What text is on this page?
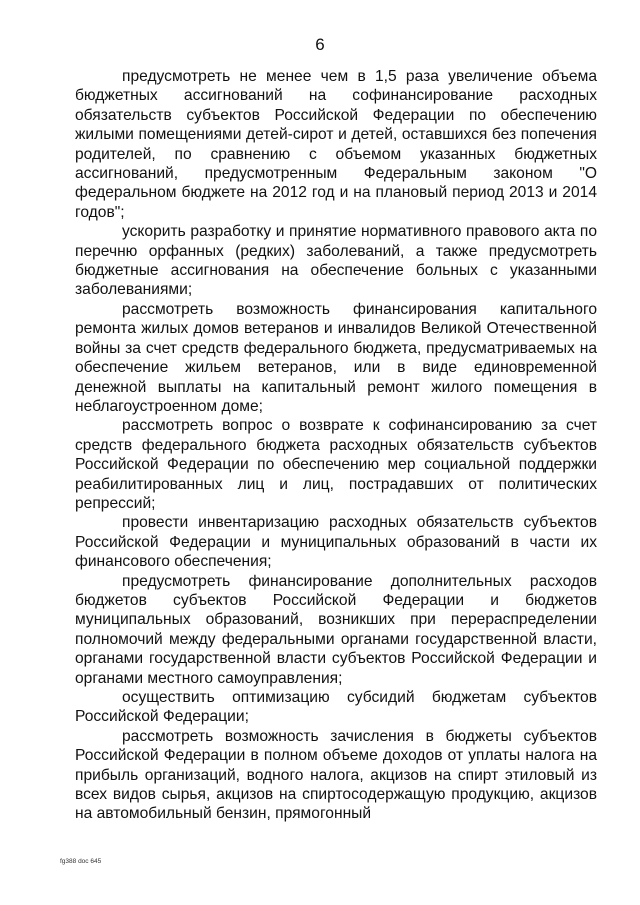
6

предусмотреть не менее чем в 1,5 раза увеличение объема бюджетных ассигнований на софинансирование расходных обязательств субъектов Российской Федерации по обеспечению жилыми помещениями детей-сирот и детей, оставшихся без попечения родителей, по сравнению с объемом указанных бюджетных ассигнований, предусмотренным Федеральным законом "О федеральном бюджете на 2012 год и на плановый период 2013 и 2014 годов";

ускорить разработку и принятие нормативного правового акта по перечню орфанных (редких) заболеваний, а также предусмотреть бюджетные ассигнования на обеспечение больных с указанными заболеваниями;

рассмотреть возможность финансирования капитального ремонта жилых домов ветеранов и инвалидов Великой Отечественной войны за счет средств федерального бюджета, предусматриваемых на обеспечение жильем ветеранов, или в виде единовременной денежной выплаты на капитальный ремонт жилого помещения в неблагоустроенном доме;

рассмотреть вопрос о возврате к софинансированию за счет средств федерального бюджета расходных обязательств субъектов Российской Федерации по обеспечению мер социальной поддержки реабилитированных лиц и лиц, пострадавших от политических репрессий;

провести инвентаризацию расходных обязательств субъектов Российской Федерации и муниципальных образований в части их финансового обеспечения;

предусмотреть финансирование дополнительных расходов бюджетов субъектов Российской Федерации и бюджетов муниципальных образований, возникших при перераспределении полномочий между федеральными органами государственной власти, органами государственной власти субъектов Российской Федерации и органами местного самоуправления;

осуществить оптимизацию субсидий бюджетам субъектов Российской Федерации;

рассмотреть возможность зачисления в бюджеты субъектов Российской Федерации в полном объеме доходов от уплаты налога на прибыль организаций, водного налога, акцизов на спирт этиловый из всех видов сырья, акцизов на спиртосодержащую продукцию, акцизов на автомобильный бензин, прямогонный

fg388 doc 645
